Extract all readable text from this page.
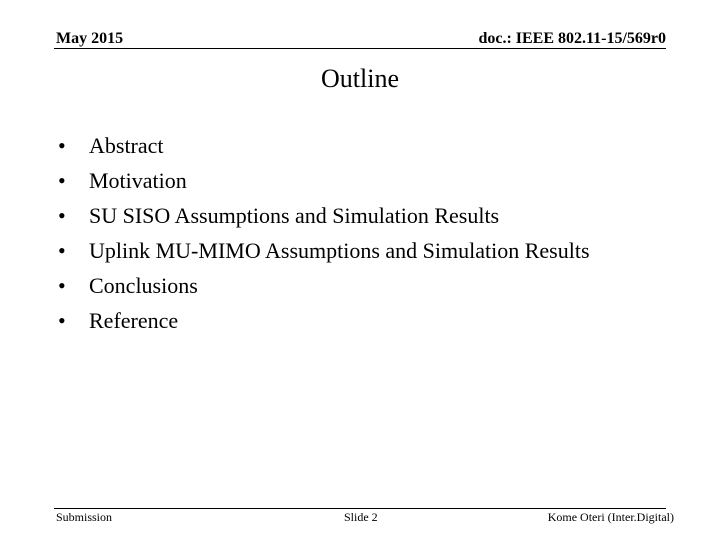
May 2015	doc.: IEEE 802.11-15/569r0
Outline
•	Abstract
•	Motivation
•	SU SISO Assumptions and Simulation Results
•	Uplink MU-MIMO Assumptions and Simulation Results
•	Conclusions
•	Reference
Submission	Slide 2	Kome Oteri (Inter.Digital)
